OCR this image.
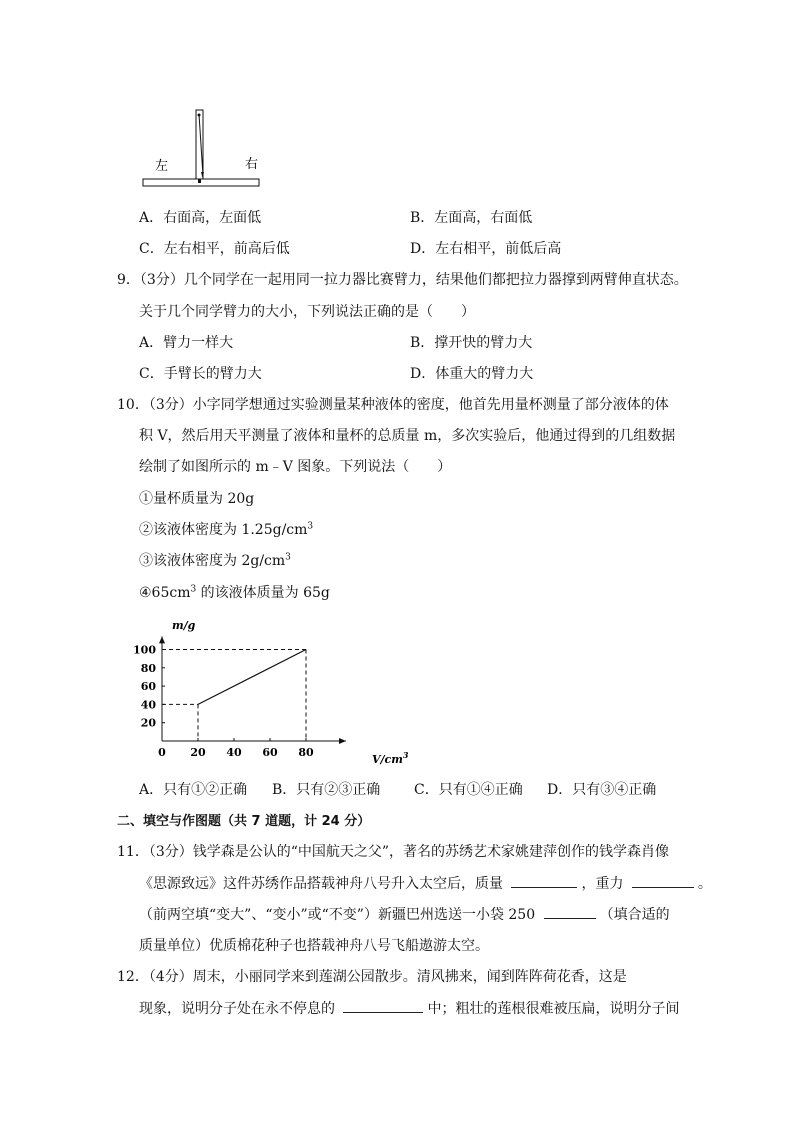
左	右
A．右面高，左面低	B．左面高，右面低
C．左右相平，前高后低	D．左右相平，前低后高
9．（3分）几个同学在一起用同一拉力器比赛臂力，结果他们都把拉力器撑到两臂伸直状态。
关于几个同学臂力的大小，下列说法正确的是（　　）
A．臂力一样大	B．撑开快的臂力大
C．手臂长的臂力大	D．体重大的臂力大
10．（3分）小字同学想通过实验测量某种液体的密度，他首先用量杯测量了部分液体的体
积 V，然后用天平测量了液体和量杯的总质量 m，多次实验后，他通过得到的几组数据
绘制了如图所示的 m﹣V 图象。下列说法（　　）
①量杯质量为 20g
②该液体密度为 $1.25g/cm^3$
③该液体密度为 $2g/cm^3$
$④65cm^3$ 的该液体质量为 65g
m/g
0 20 40 60 80
20
40
60
80
100
$V/cm^3$
A．只有①②正确 B．只有②③正确 C．只有①④正确 D．只有③④正确
二、填空与作图题（共 7 道题，计 24 分）
11．（3分）钱学森是公认的“中国航天之父”，著名的苏绣艺术家姚建萍创作的钱学森肖像
《思源致远》这件苏绣作品搭载神舟八号升入太空后，质量	，重力	。
（前两空填“变大”、“变小”或“不变”）新疆巴州选送一小袋 250	（填合适的
质量单位）优质棉花种子也搭载神舟八号飞船遨游太空。
12．（4分）周末，小丽同学来到莲湖公园散步。清风拂来，闻到阵阵荷花香，这是
现象，说明分子处在永不停息的	中；粗壮的莲根很难被压扁，说明分子间
